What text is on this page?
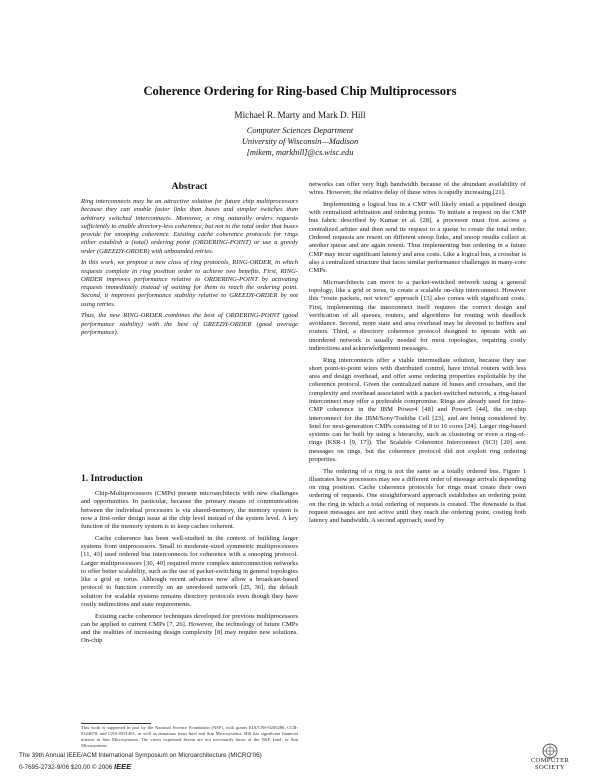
Coherence Ordering for Ring-based Chip Multiprocessors
Michael R. Marty and Mark D. Hill
Computer Sciences Department
University of Wisconsin—Madison
[mikem, markhill]@cs.wisc.edu
Abstract

Ring interconnects may be an attractive solution for future chip multiprocessors because they can enable faster links than buses and simpler switches than arbitrary switched interconnects. Moreover, a ring naturally orders requests sufficiently to enable directory-less coherence, but not in the total order that buses provide for snooping coherence. Existing cache coherence protocols for rings either establish a (total) ordering point (ORDERING-POINT) or use a greedy order (GREEDY-ORDER) with unbounded retries.

In this work, we propose a new class of ring protocols, RING-ORDER, in which requests complete in ring position order to achieve two benefits. First, RING-ORDER improves performance relative to ORDERING-POINT by activating requests immediately instead of waiting for them to reach the ordering point. Second, it improves performance stability relative to GREEDY-ORDER by not using retries.

Thus, the new RING-ORDER combines the best of ORDERING-POINT (good performance stability) with the best of GREEDY-ORDER (good average performance).

1. Introduction

Chip-Multiprocessors (CMPs) present microarchitects with new challenges and opportunities. In particular, because the primary means of communication between the individual processors is via shared-memory, the memory system is now a first-order design issue at the chip level instead of the system level. A key function of the memory system is to keep caches coherent.

Cache coherence has been well-studied in the context of building larger systems from uniprocessors. Small to moderate-sized symmetric multiprocessors [11, 43] used ordered bus interconnects for coherence with a snooping protocol. Larger multiprocessors [30, 40] required more complex interconnection networks to offer better scalability, such as the use of packet-switching in general topologies like a grid or torus. Although recent advances now allow a broadcast-based protocol to function correctly on an unordered network [25, 36], the default solution for scalable systems remains directory protocols even though they have costly indirections and state requirements.

Existing cache coherence techniques developed for previous multiprocessors can be applied to current CMPs [7, 26]. However, the technology of future CMPs and the realities of increasing design complexity [8] may require new solutions. On-chip

This work is supported in part by the National Science Foundation (NSF), with grants EIA/CNS-0205286, CCR-0324878, and CNS-0551401, as well as donations from Intel and Sun Microsystems. Hill has significant financial interest in Sun Microsystems. The views expressed herein are not necessarily those of the NSF, Intel, or Sun Microsystems.

networks can offer very high bandwidth because of the abundant availability of wires. However, the relative delay of these wires is rapidly increasing [21].

Implementing a logical bus in a CMP will likely entail a pipelined design with centralized arbitration and ordering points. To initiate a request on the CMP bus fabric described by Kumar et al. [28], a processor must first access a centralized arbiter and then send its request to a queue to create the total order. Ordered requests are resent on different snoop links, and snoop results collect at another queue and are again resent. Thus implementing bus ordering in a future CMP may incur significant latency and area costs. Like a logical bus, a crossbar is also a centralized structure that faces similar performance challenges in many-core CMPs.

Microarchitects can move to a packet-switched network using a general topology, like a grid or torus, to create a scalable on-chip interconnect. However this “route packets, not wires” approach [13] also comes with significant costs. First, implementing the interconnect itself requires the correct design and verification of all queues, routers, and algorithms for routing with deadlock avoidance. Second, more state and area overhead may be devoted to buffers and routers. Third, a directory coherence protocol designed to operate with an unordered network is usually needed for most topologies, requiring costly indirections and acknowledgement messages.

Ring interconnects offer a viable intermediate solution, because they use short point-to-point wires with distributed control, have trivial routers with less area and design overhead, and offer some ordering properties exploitable by the coherence protocol. Given the centralized nature of buses and crossbars, and the complexity and overhead associated with a packet-switched network, a ring-based interconnect may offer a preferable compromise. Rings are already used for intra-CMP coherence in the IBM Power4 [48] and Power5 [44], the on-chip interconnect for the IBM/Sony/Toshiba Cell [23], and are being considered by Intel for next-generation CMPs consisting of 8 to 16 cores [24]. Larger ring-based systems can be built by using a hierarchy, such as clustering or even a ring-of-rings (KSR-1 [9, 17]). The Scalable Coherence Interconnect (SCI) [20] sent messages on rings, but the coherence protocol did not exploit ring ordering properties.

The ordering of a ring is not the same as a totally ordered bus. Figure 1 illustrates how processors may see a different order of message arrivals depending on ring position. Cache coherence protocols for rings must create their own ordering of requests. One straightforward approach establishes an ordering point on the ring in which a total ordering of requests is created. The downside is that request messages are not active until they reach the ordering point, costing both latency and bandwidth. A second approach, used by

The 39th Annual IEEE/ACM International Symposium on Microarchitecture (MICRO'06)
0-7695-2732-9/06 $20.00 © 2006 IEEE
COMPUTER
SOCIETY
